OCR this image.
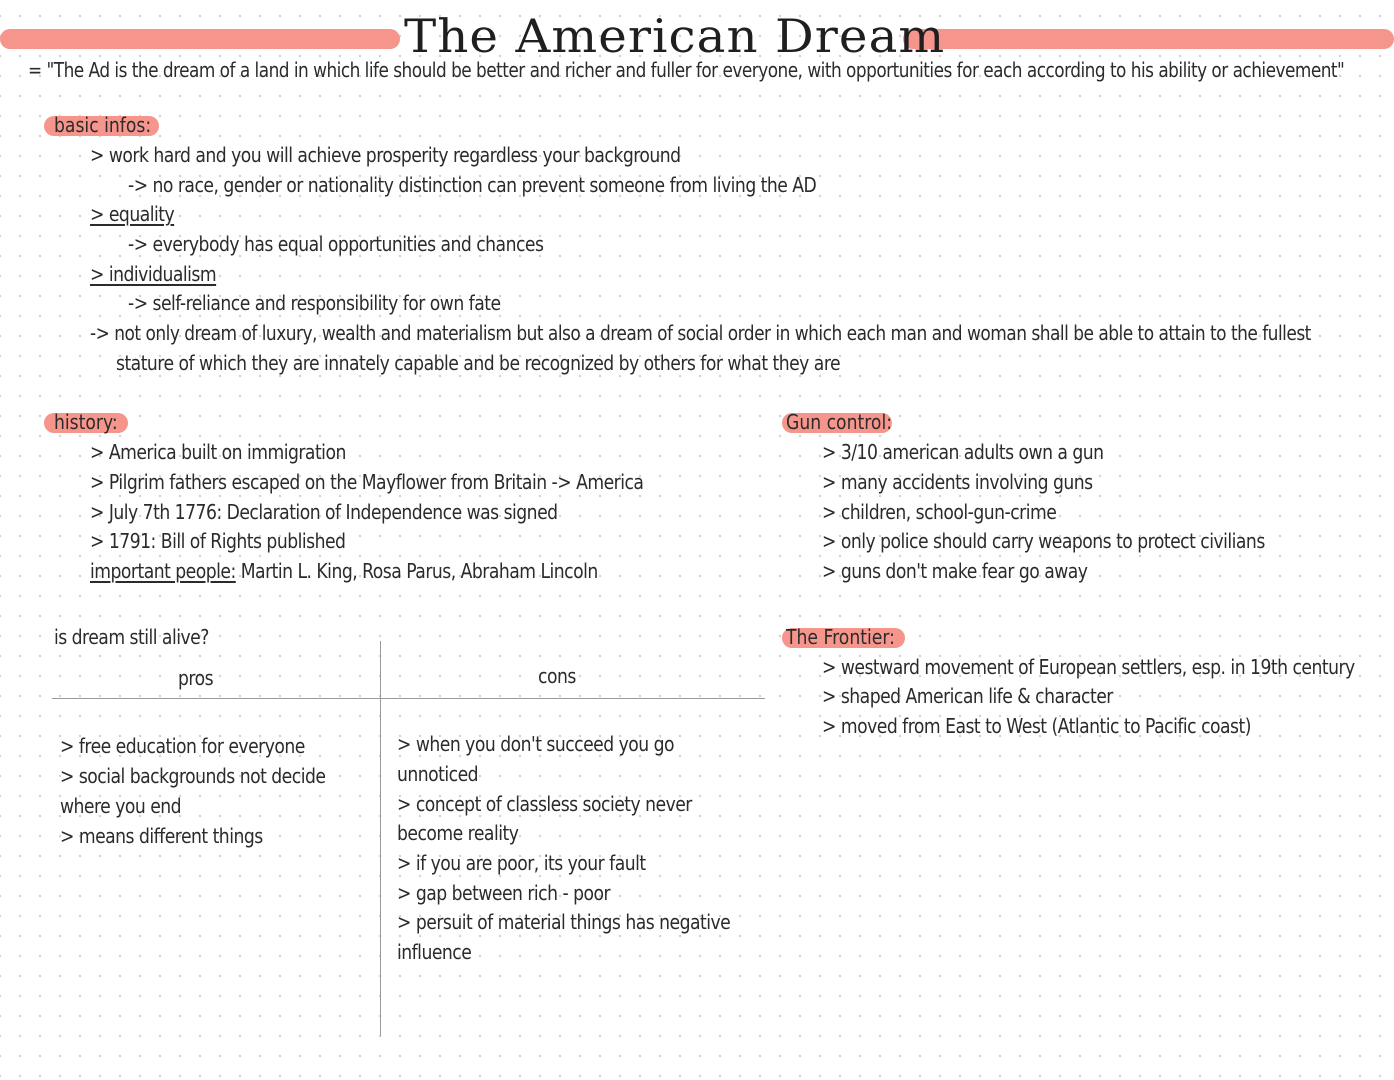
The American Dream
= "The Ad is the dream of a land in which life should be better and richer and fuller for everyone, with opportunities for each according to his ability or achievement"
basic infos:
> work hard and you will achieve prosperity regardless your background
-> no race, gender or nationality distinction can prevent someone from living the AD
> equality
-> everybody has equal opportunities and chances
> individualism
-> self-reliance and responsibility for own fate
-> not only dream of luxury, wealth and materialism but also a dream of social order in which each man and woman shall be able to attain to the fullest
stature of which they are innately capable and be recognized by others for what they are
history:
> America built on immigration
> Pilgrim fathers escaped on the Mayflower from Britain -> America
> July 7th 1776: Declaration of Independence was signed
> 1791: Bill of Rights published
important people: Martin L. King, Rosa Parus, Abraham Lincoln
Gun control:
> 3/10 american adults own a gun
> many accidents involving guns
> children, school-gun-crime
> only police should carry weapons to protect civilians
> guns don't make fear go away
The Frontier:
> westward movement of European settlers, esp. in 19th century
> shaped American life & character
> moved from East to West (Atlantic to Pacific coast)
is dream still alive?
pros	cons
> free education for everyone
> social backgrounds not decide
where you end
> means different things
> when you don't succeed you go
unnoticed
> concept of classless society never
become reality
> if you are poor, its your fault
> gap between rich - poor
> persuit of material things has negative
influence
